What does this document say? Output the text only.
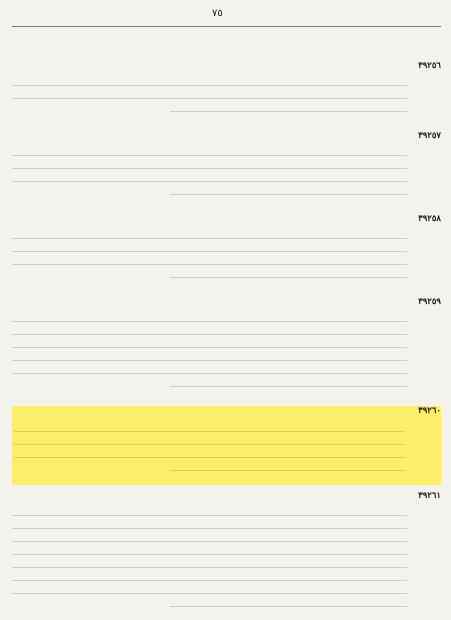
٧٥
٣٩٢٥٦
٣٩٢٥٧
٣٩٢٥٨
٣٩٢٥٩
٣٩٢٦٠
٣٩٢٦١
